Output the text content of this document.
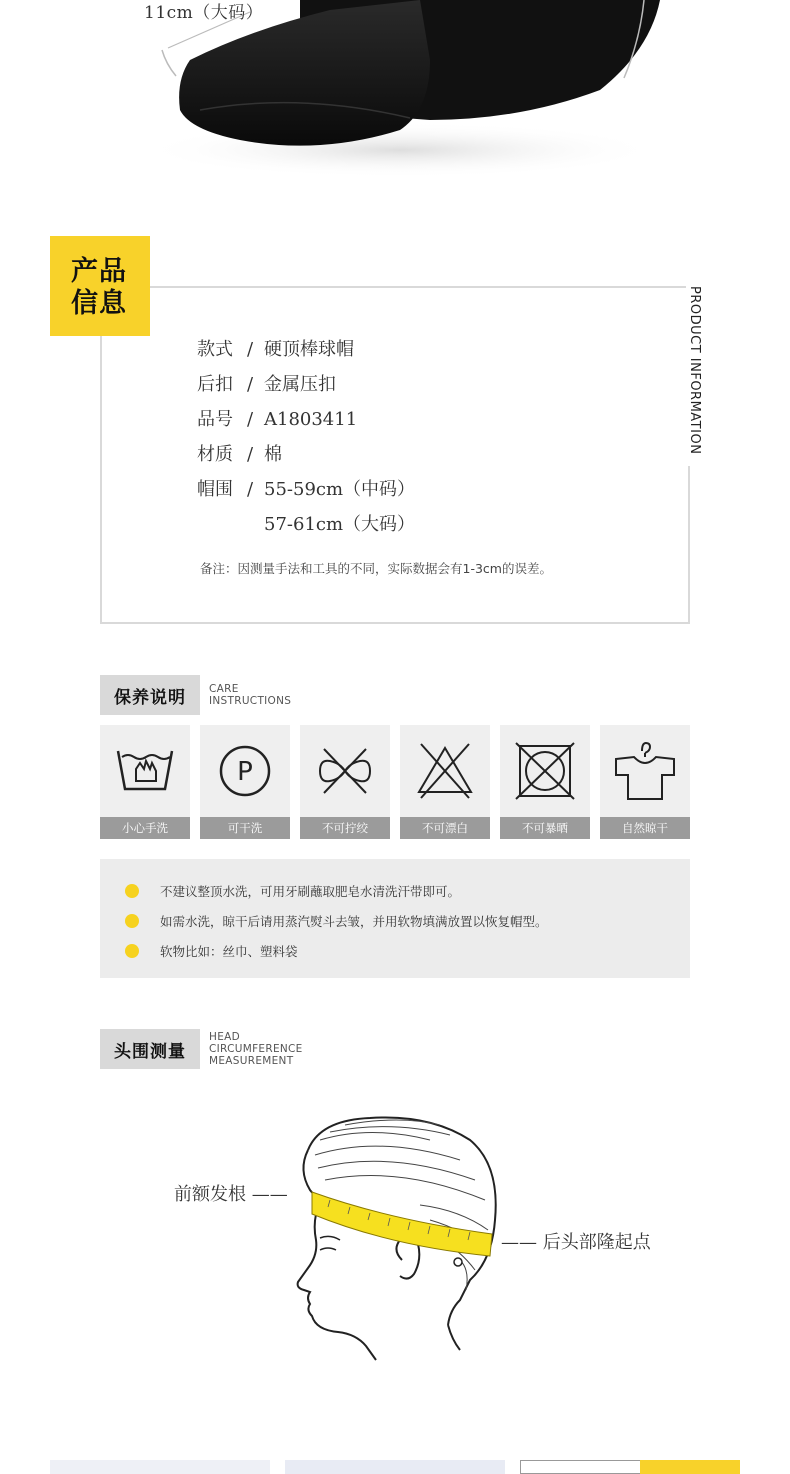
11cm（大码）
产品
信息	PRODUCT INFORMATION
款式 / 硬顶棒球帽
后扣 / 金属压扣
品号 / A1803411
材质 / 棉
帽围 / 55-59cm（中码）
57-61cm（大码）
备注：因测量手法和工具的不同，实际数据会有1-3cm的误差。
保养说明	CARE
INSTRUCTIONS
小心手洗
P
可干洗	不可拧绞	不可漂白	不可暴晒	自然晾干
不建议整顶水洗，可用牙刷蘸取肥皂水清洗汗带即可。
如需水洗，晾干后请用蒸汽熨斗去皱，并用软物填满放置以恢复帽型。
软物比如：丝巾、塑料袋
头围测量
HEAD
CIRCUMFERENCE
MEASUREMENT
前额发根 ——
—— 后头部隆起点
